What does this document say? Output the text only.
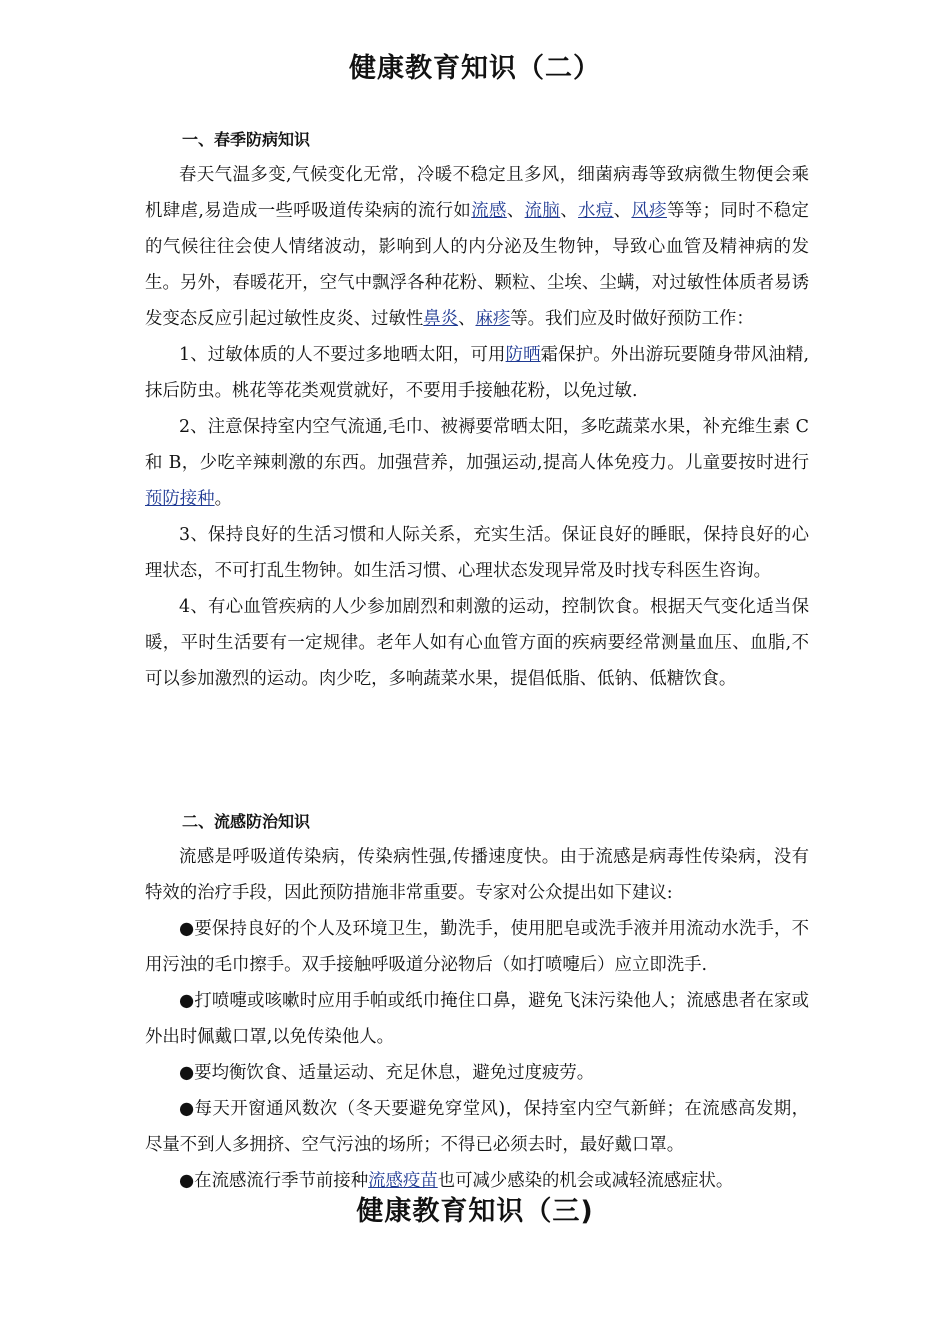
健康教育知识（二）
一、春季防病知识

春天气温多变,气候变化无常，冷暖不稳定且多风，细菌病毒等致病微生物便会乘机肆虐,易造成一些呼吸道传染病的流行如流感、流脑、水痘、风疹等等；同时不稳定的气候往往会使人情绪波动，影响到人的内分泌及生物钟，导致心血管及精神病的发生。另外，春暖花开，空气中飘浮各种花粉、颗粒、尘埃、尘螨，对过敏性体质者易诱发变态反应引起过敏性皮炎、过敏性鼻炎、麻疹等。我们应及时做好预防工作：

1、过敏体质的人不要过多地晒太阳，可用防晒霜保护。外出游玩要随身带风油精,抹后防虫。桃花等花类观赏就好，不要用手接触花粉，以免过敏.

2、注意保持室内空气流通,毛巾、被褥要常晒太阳，多吃蔬菜水果，补充维生素 C 和 B，少吃辛辣刺激的东西。加强营养，加强运动,提高人体免疫力。儿童要按时进行预防接种。

3、保持良好的生活习惯和人际关系，充实生活。保证良好的睡眠，保持良好的心理状态，不可打乱生物钟。如生活习惯、心理状态发现异常及时找专科医生咨询。

4、有心血管疾病的人少参加剧烈和刺激的运动，控制饮食。根据天气变化适当保暖，平时生活要有一定规律。老年人如有心血管方面的疾病要经常测量血压、血脂,不可以参加激烈的运动。肉少吃，多响蔬菜水果，提倡低脂、低钠、低糖饮食。

二、流感防治知识

流感是呼吸道传染病，传染病性强,传播速度快。由于流感是病毒性传染病，没有特效的治疗手段，因此预防措施非常重要。专家对公众提出如下建议:

●要保持良好的个人及环境卫生，勤洗手，使用肥皂或洗手液并用流动水洗手，不用污浊的毛巾擦手。双手接触呼吸道分泌物后（如打喷嚏后）应立即洗手.

●打喷嚏或咳嗽时应用手帕或纸巾掩住口鼻，避免飞沫污染他人；流感患者在家或外出时佩戴口罩,以免传染他人。

●要均衡饮食、适量运动、充足休息，避免过度疲劳。

●每天开窗通风数次（冬天要避免穿堂风)，保持室内空气新鲜；在流感高发期，尽量不到人多拥挤、空气污浊的场所；不得已必须去时，最好戴口罩。

●在流感流行季节前接种流感疫苗也可减少感染的机会或减轻流感症状。

健康教育知识（三)
